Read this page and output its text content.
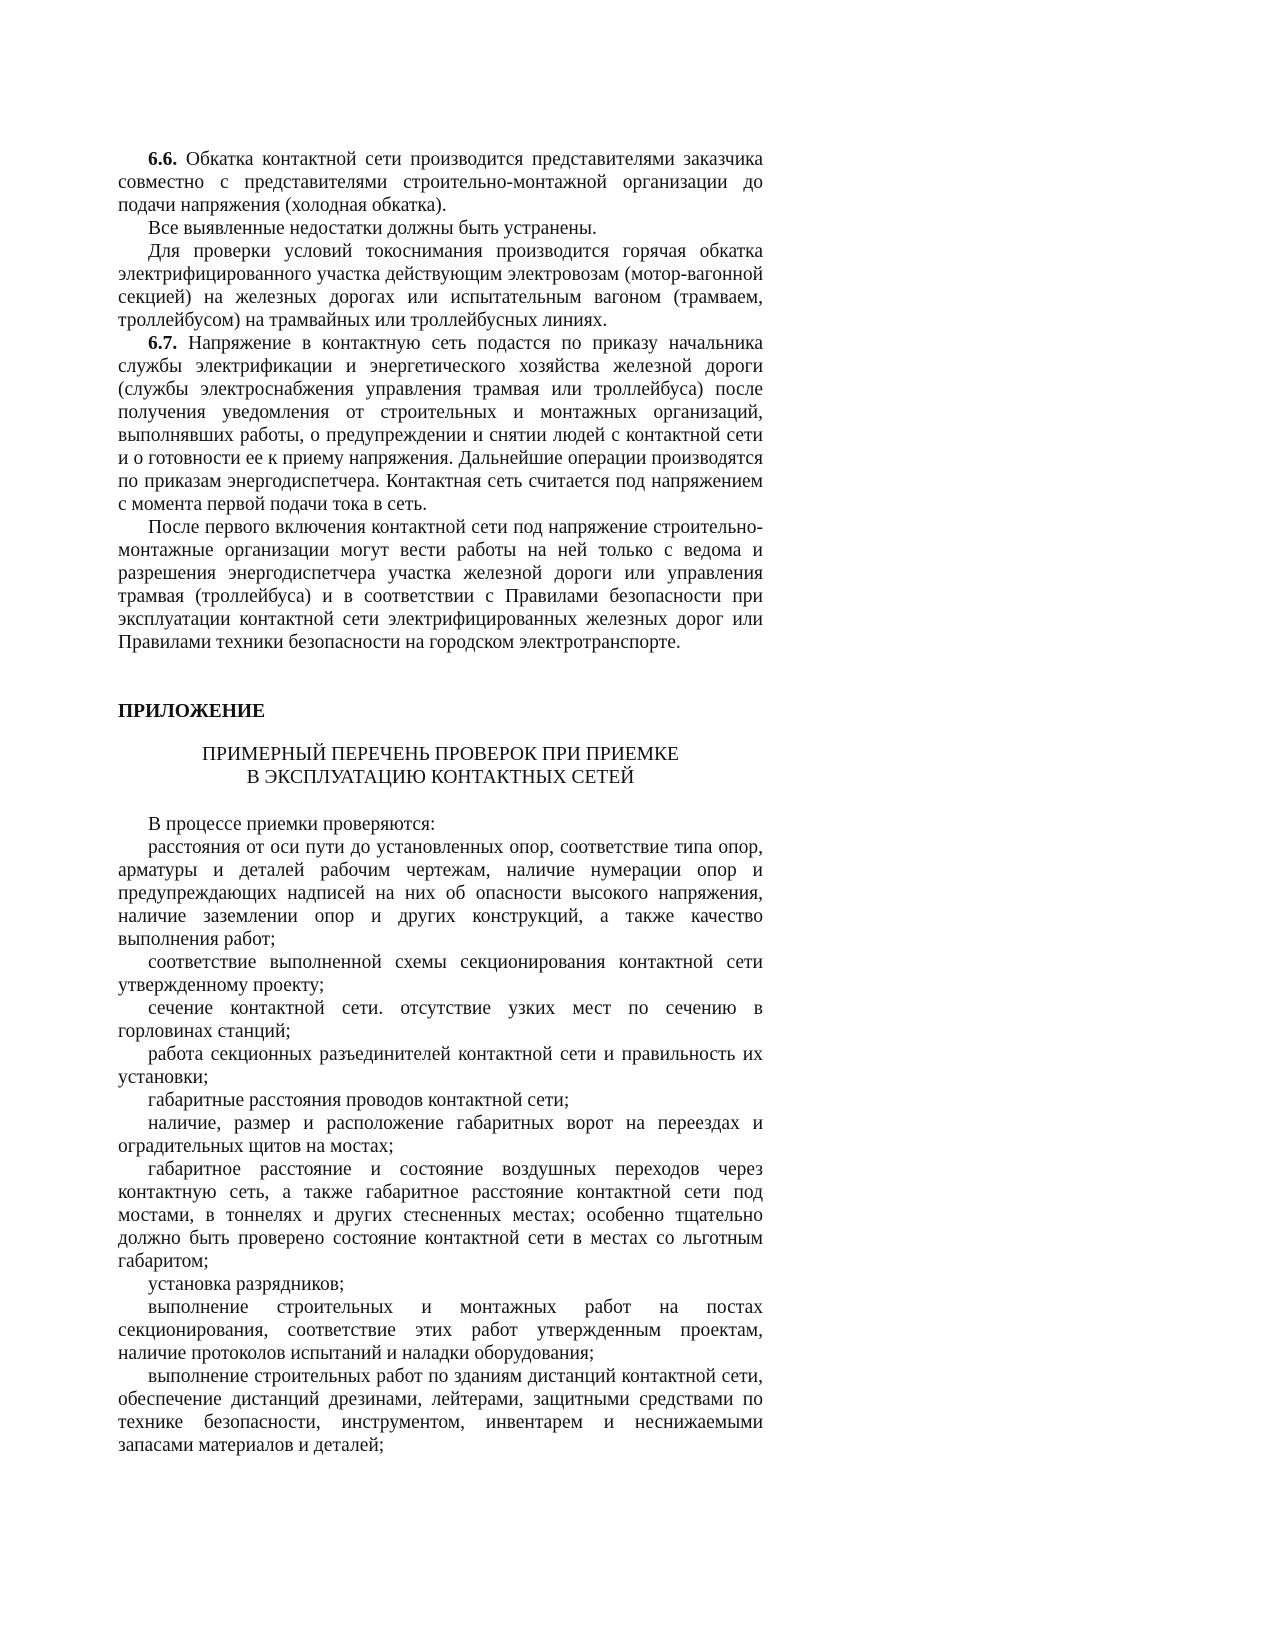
6.6. Обкатка контактной сети производится представителями заказчика совместно с представителями строительно-монтажной организации до подачи напряжения (холодная обкатка).

Все выявленные недостатки должны быть устранены.

Для проверки условий токоснимания производится горячая обкатка электрифицированного участка действующим электровозам (мотор-вагонной секцией) на железных дорогах или испытательным вагоном (трамваем, троллейбусом) на трамвайных или троллейбусных линиях.

6.7. Напряжение в контактную сеть подастся по приказу начальника службы электрификации и энергетического хозяйства железной дороги (службы электроснабжения управления трамвая или троллейбуса) после получения уведомления от строительных и монтажных организаций, выполнявших работы, о предупреждении и снятии людей с контактной сети и о готовности ее к приему напряжения. Дальнейшие операции производятся по приказам энергодиспетчера. Контактная сеть считается под напряжением с момента первой подачи тока в сеть.

После первого включения контактной сети под напряжение строительно-монтажные организации могут вести работы на ней только с ведома и разрешения энергодиспетчера участка железной дороги или управления трамвая (троллейбуса) и в соответствии с Правилами безопасности при эксплуатации контактной сети электрифицированных железных дорог или Правилами техники безопасности на городском электротранспорте.

ПРИЛОЖЕНИЕ

ПРИМЕРНЫЙ ПЕРЕЧЕНЬ ПРОВЕРОК ПРИ ПРИЕМКЕ

В ЭКСПЛУАТАЦИЮ КОНТАКТНЫХ СЕТЕЙ

В процессе приемки проверяются:

расстояния от оси пути до установленных опор, соответствие типа опор, арматуры и деталей рабочим чертежам, наличие нумерации опор и предупреждающих надписей на них об опасности высокого напряжения, наличие заземлении опор и других конструкций, а также качество выполнения работ;

соответствие выполненной схемы секционирования контактной сети утвержденному проекту;

сечение контактной сети. отсутствие узких мест по сечению в горловинах станций;

работа секционных разъединителей контактной сети и правильность их установки;

габаритные расстояния проводов контактной сети;

наличие, размер и расположение габаритных ворот на переездах и оградительных щитов на мостах;

габаритное расстояние и состояние воздушных переходов через контактную сеть, а также габаритное расстояние контактной сети под мостами, в тоннелях и других стесненных местах; особенно тщательно должно быть проверено состояние контактной сети в местах со льготным габаритом;

установка разрядников;

выполнение строительных и монтажных работ на постах секционирования, соответствие этих работ утвержденным проектам, наличие протоколов испытаний и наладки оборудования;

выполнение строительных работ по зданиям дистанций контактной сети, обеспечение дистанций дрезинами, лейтерами, защитными средствами по технике безопасности, инструментом, инвентарем и неснижаемыми запасами материалов и деталей;
